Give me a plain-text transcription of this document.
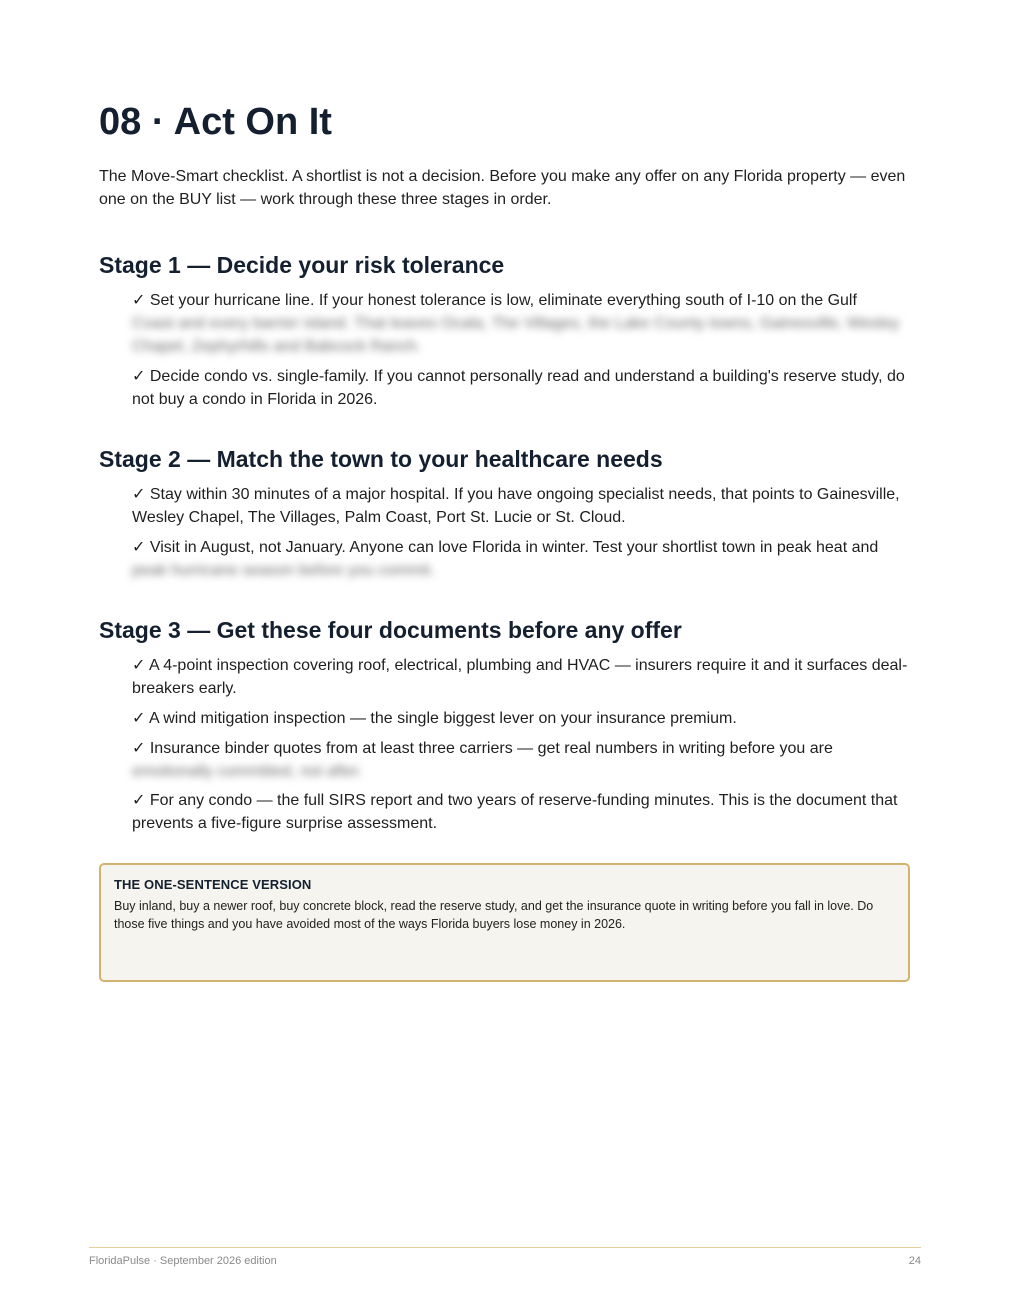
08 · Act On It

The Move-Smart checklist. A shortlist is not a decision. Before you make any offer on any Florida property — even one on the BUY list — work through these three stages in order.

Stage 1 — Decide your risk tolerance
✓ Set your hurricane line. If your honest tolerance is low, eliminate everything south of I-10 on the Gulf
Coast and every barrier island. That leaves Ocala, The Villages, the Lake County towns, Gainesville, Wesley Chapel, Zephyrhills and Babcock Ranch.
✓ Decide condo vs. single-family. If you cannot personally read and understand a building's reserve study, do not buy a condo in Florida in 2026.
Stage 2 — Match the town to your healthcare needs
✓ Stay within 30 minutes of a major hospital. If you have ongoing specialist needs, that points to Gainesville, Wesley Chapel, The Villages, Palm Coast, Port St. Lucie or St. Cloud.
✓ Visit in August, not January. Anyone can love Florida in winter. Test your shortlist town in peak heat and
peak hurricane season before you commit.
Stage 3 — Get these four documents before any offer
✓ A 4-point inspection covering roof, electrical, plumbing and HVAC — insurers require it and it surfaces deal-breakers early.
✓ A wind mitigation inspection — the single biggest lever on your insurance premium.
✓ Insurance binder quotes from at least three carriers — get real numbers in writing before you are
emotionally committed, not after.
✓ For any condo — the full SIRS report and two years of reserve-funding minutes. This is the document that prevents a five-figure surprise assessment.

THE ONE-SENTENCE VERSION

Buy inland, buy a newer roof, buy concrete block, read the reserve study, and get the insurance quote in writing before you fall in love. Do those five things and you have avoided most of the ways Florida buyers lose money in 2026.

FloridaPulse · September 2026 edition	24
